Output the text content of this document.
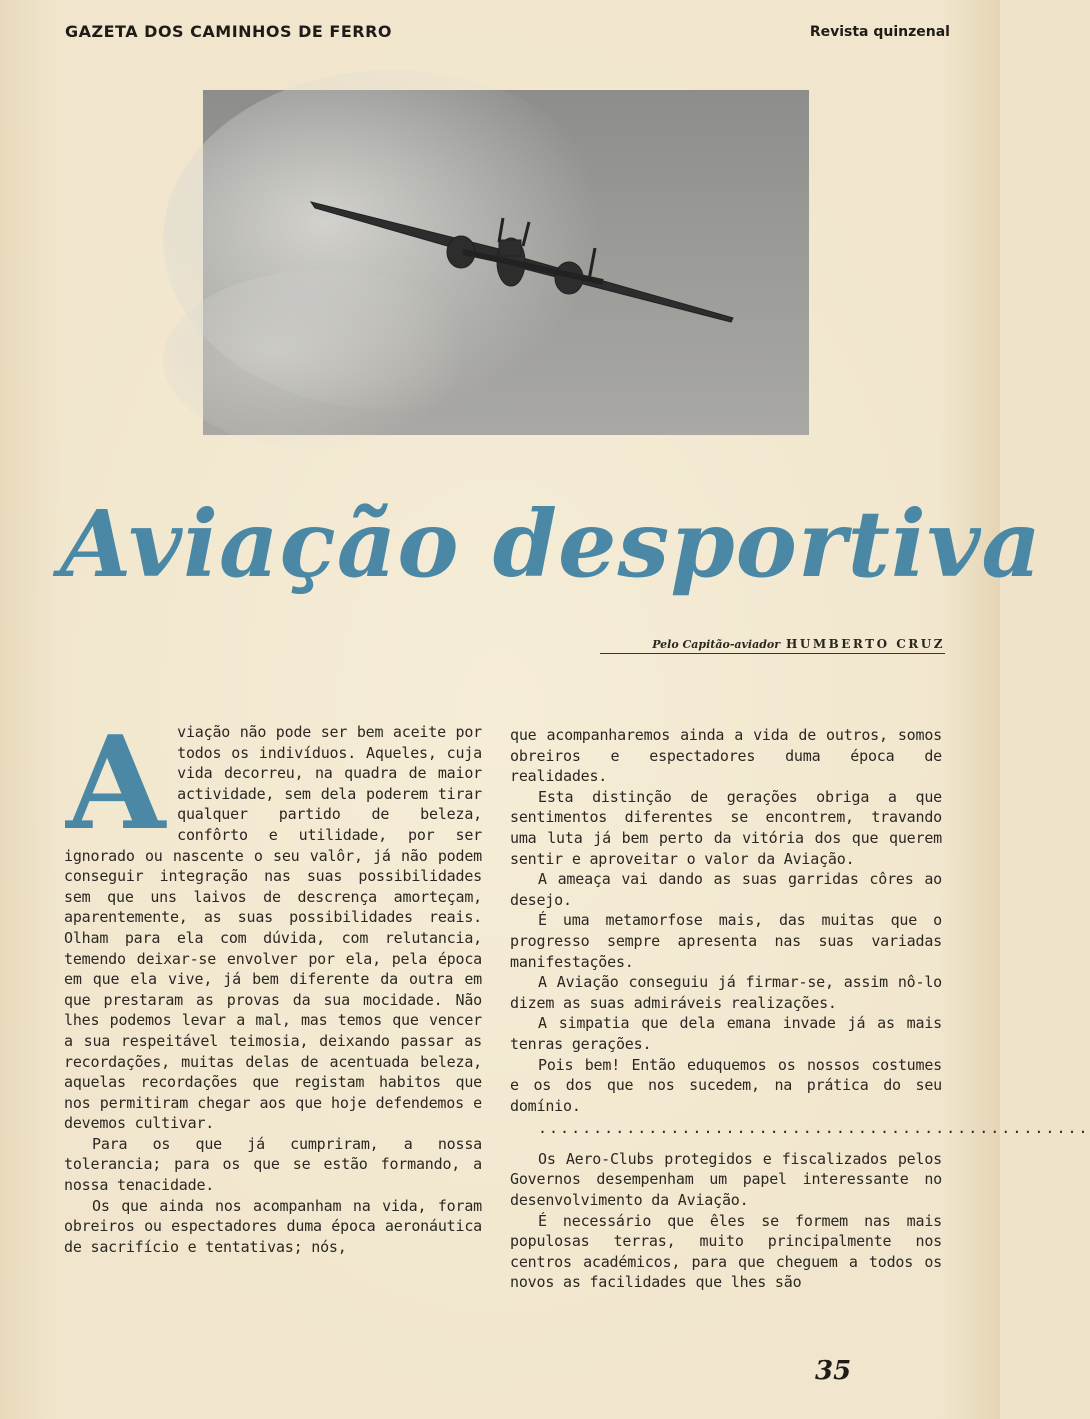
GAZETA DOS CAMINHOS DE FERRO	Revista quinzenal
Aviação desportiva
Pelo Capitão-aviador HUMBERTO CRUZ

Aviação não pode ser bem aceite por todos os indivíduos. Aqueles, cuja vida decorreu, na quadra de maior actividade, sem dela poderem tirar qualquer partido de beleza, confôrto e utilidade, por ser ignorado ou nascente o seu valôr, já não podem conseguir integração nas suas possibilidades sem que uns laivos de descrença amorteçam, aparentemente, as suas possibilidades reais. Olham para ela com dúvida, com relutancia, temendo deixar-se envolver por ela, pela época em que ela vive, já bem diferente da outra em que prestaram as provas da sua mocidade. Não lhes podemos levar a mal, mas temos que vencer a sua respeitável teimosia, deixando passar as recordações, muitas delas de acentuada beleza, aquelas recordações que registam habitos que nos permitiram chegar aos que hoje defendemos e devemos cultivar.

Para os que já cumpriram, a nossa tolerancia; para os que se estão formando, a nossa tenacidade.

Os que ainda nos acompanham na vida, foram obreiros ou espectadores duma época aeronáutica de sacrifício e tentativas; nós,

que acompanharemos ainda a vida de outros, somos obreiros e espectadores duma época de realidades.

Esta distinção de gerações obriga a que sentimentos diferentes se encontrem, travando uma luta já bem perto da vitória dos que querem sentir e aproveitar o valor da Aviação.

A ameaça vai dando as suas garridas côres ao desejo.

É uma metamorfose mais, das muitas que o progresso sempre apresenta nas suas variadas manifestações.

A Aviação conseguiu já firmar-se, assim nô-lo dizem as suas admiráveis realizações.

A simpatia que dela emana invade já as mais tenras gerações.

Pois bem! Então eduquemos os nossos costumes e os dos que nos sucedem, na prática do seu domínio.

..................................................

Os Aero-Clubs protegidos e fiscalizados pelos Governos desempenham um papel interessante no desenvolvimento da Aviação.

É necessário que êles se formem nas mais populosas terras, muito principalmente nos centros académicos, para que cheguem a todos os novos as facilidades que lhes são

35
